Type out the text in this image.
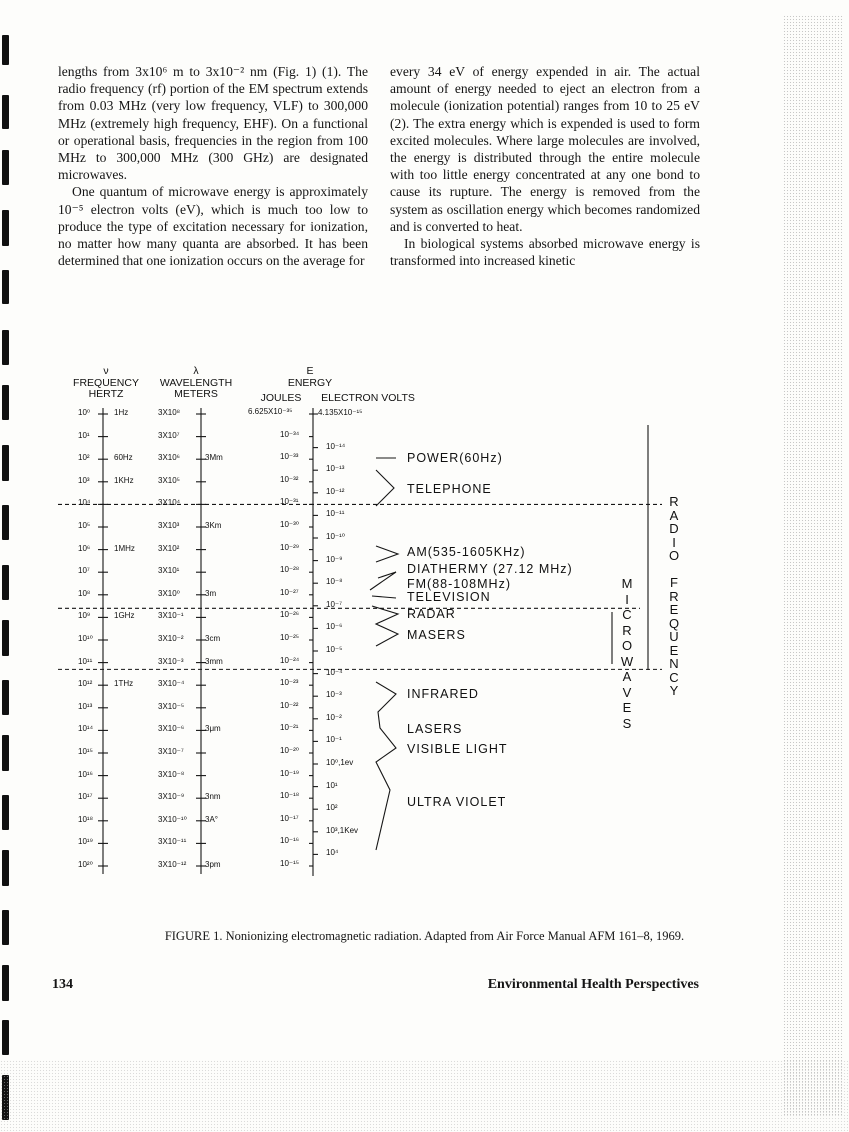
lengths from 3x10⁶ m to 3x10⁻² nm (Fig. 1) (1). The radio frequency (rf) portion of the EM spectrum extends from 0.03 MHz (very low frequency, VLF) to 300,000 MHz (extremely high frequency, EHF). On a functional or operational basis, frequencies in the region from 100 MHz to 300,000 MHz (300 GHz) are designated microwaves.

One quantum of microwave energy is approximately 10⁻⁵ electron volts (eV), which is much too low to produce the type of excitation necessary for ionization, no matter how many quanta are absorbed. It has been determined that one ionization occurs on the average for

every 34 eV of energy expended in air. The actual amount of energy needed to eject an electron from a molecule (ionization potential) ranges from 10 to 25 eV (2). The extra energy which is expended is used to form excited molecules. Where large molecules are involved, the energy is distributed through the entire molecule with too little energy concentrated at any one bond to cause its rupture. The energy is removed from the system as oscillation energy which becomes randomized and is converted to heat.

In biological systems absorbed microwave energy is transformed into increased kinetic

ν
FREQUENCY
HERTZ
λ
WAVELENGTH
METERS
E
ENERGY
JOULES	ELECTRON VOLTS
10⁰	1Hz
10¹
10²	60Hz
10³	1KHz
10⁴
10⁵
10⁶	1MHz
10⁷
10⁸
10⁹	1GHz
10¹⁰
10¹¹
10¹²	1THz
10¹³
10¹⁴
10¹⁵
10¹⁶
10¹⁷
10¹⁸
10¹⁹
10²⁰
3X10⁸
3X10⁷
3X10⁶	3Mm
3X10⁵
3X10⁴
3X10³	3Km
3X10²
3X10¹
3X10⁰	3m
3X10⁻¹
3X10⁻²	3cm
3X10⁻³	3mm
3X10⁻⁴
3X10⁻⁵
3X10⁻⁶	3μm
3X10⁻⁷
3X10⁻⁸
3X10⁻⁹	3nm
3X10⁻¹⁰ 3A°
3X10⁻¹¹
3X10⁻¹² 3pm
6.625X10⁻³⁵
10⁻³⁴
10⁻³³
10⁻³²
10⁻³¹
10⁻³⁰
10⁻²⁹
10⁻²⁸
10⁻²⁷
10⁻²⁶
10⁻²⁵
10⁻²⁴
10⁻²³
10⁻²²
10⁻²¹
10⁻²⁰
10⁻¹⁹
10⁻¹⁸
10⁻¹⁷
10⁻¹⁶
10⁻¹⁵
4.135X10⁻¹⁵
10⁻¹⁴
10⁻¹³
10⁻¹²
10⁻¹¹
10⁻¹⁰
10⁻⁹
10⁻⁸
10⁻⁷
10⁻⁶
10⁻⁵
10⁻⁴
10⁻³
10⁻²
10⁻¹
10⁰,1ev
10¹
10²
10³,1Kev
10⁴
POWER(60Hz)
TELEPHONE
AM(535-1605KHz)
DIATHERMY (27.12 MHz)
FM(88-108MHz)
TELEVISION
RADAR
MASERS
INFRARED
LASERS
VISIBLE LIGHT
ULTRA VIOLET
M
I
C
R
O
W
A
V
E
S
R
A
D
I
O
F
R
E
Q
U
E
N
C
Y
FIGURE 1. Nonionizing electromagnetic radiation. Adapted from Air Force Manual AFM 161–8, 1969.
134	Environmental Health Perspectives
